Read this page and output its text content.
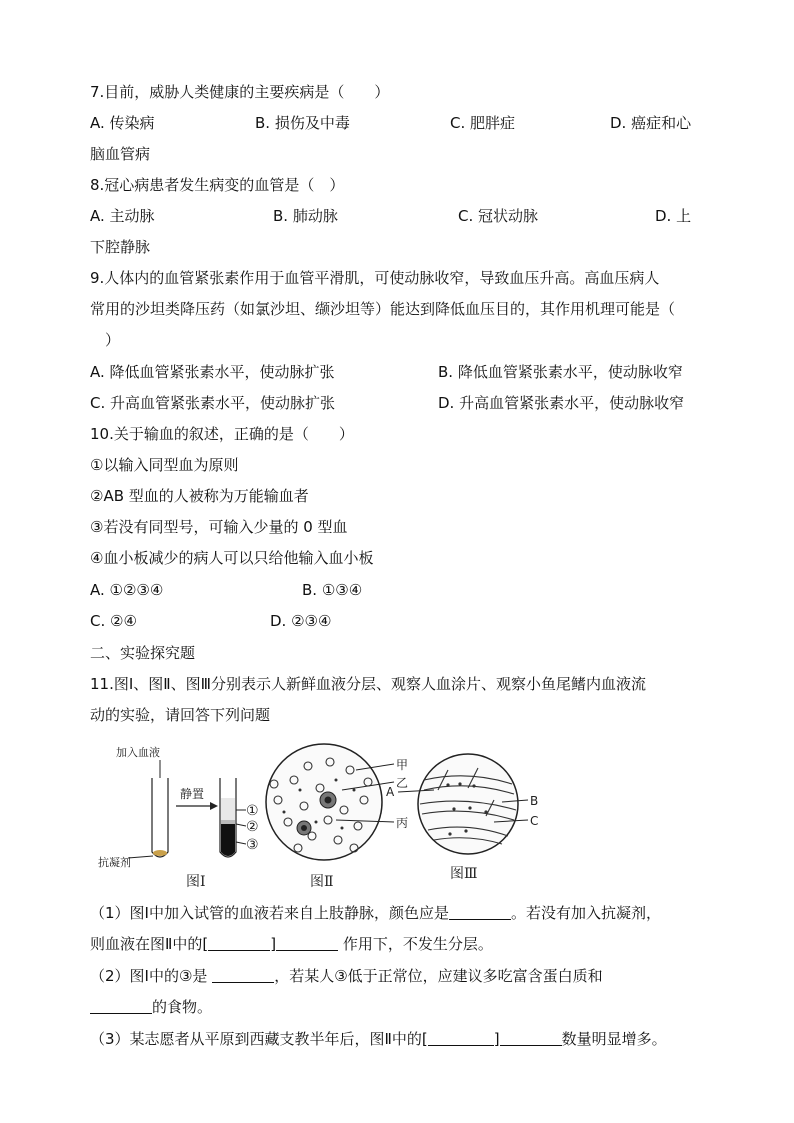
7.目前，威胁人类健康的主要疾病是（　　）
A. 传染病	B. 损伤及中毒	C. 肥胖症	D. 癌症和心
脑血管病
8.冠心病患者发生病变的血管是（　）
A. 主动脉	B. 肺动脉	C. 冠状动脉	D. 上
下腔静脉
9.人体内的血管紧张素作用于血管平滑肌，可使动脉收窄，导致血压升高。高血压病人
常用的沙坦类降压药（如氯沙坦、缬沙坦等）能达到降低血压目的，其作用机理可能是（
　）
A. 降低血管紧张素水平，使动脉扩张	B. 降低血管紧张素水平，使动脉收窄
C. 升高血管紧张素水平，使动脉扩张	D. 升高血管紧张素水平，使动脉收窄
10.关于输血的叙述，正确的是（　　）
①以输入同型血为原则
②AB 型血的人被称为万能输血者
③若没有同型号，可输入少量的 0 型血
④血小板减少的病人可以只给他输入血小板
A. ①②③④	B. ①③④
C. ②④	D. ②③④
二、实验探究题
11.图Ⅰ、图Ⅱ、图Ⅲ分别表示人新鲜血液分层、观察人血涂片、观察小鱼尾鳍内血液流
动的实验，请回答下列问题
加入血液
抗凝剂
静置
①
②
③
图Ⅰ
甲
乙
丙
图Ⅱ
A
B
C
图Ⅲ
（1）图Ⅰ中加入试管的血液若来自上肢静脉，颜色应是	。若没有加入抗凝剂，
则血液在图Ⅱ中的[	]	作用下，不发生分层。
（2）图Ⅰ中的③是	，若某人③低于正常位，应建议多吃富含蛋白质和
的食物。
（3）某志愿者从平原到西藏支教半年后，图Ⅱ中的[	]	数量明显增多。
